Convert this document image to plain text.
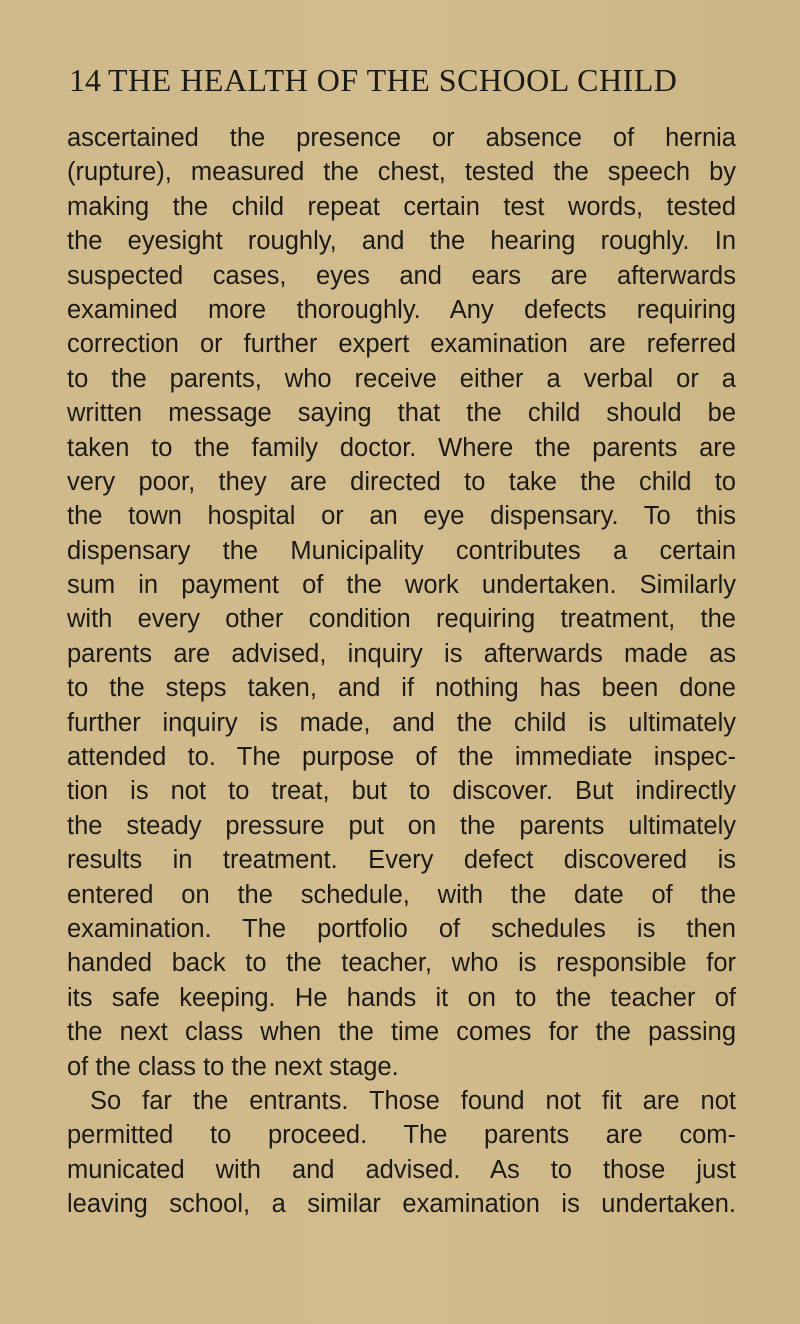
14 THE HEALTH OF THE SCHOOL CHILD
ascertained the presence or absence of hernia
(rupture), measured the chest, tested the speech by
making the child repeat certain test words, tested
the eyesight roughly, and the hearing roughly. In
suspected cases, eyes and ears are afterwards
examined more thoroughly. Any defects requiring
correction or further expert examination are referred
to the parents, who receive either a verbal or a
written message saying that the child should be
taken to the family doctor. Where the parents are
very poor, they are directed to take the child to
the town hospital or an eye dispensary. To this
dispensary the Municipality contributes a certain
sum in payment of the work undertaken. Similarly
with every other condition requiring treatment, the
parents are advised, inquiry is afterwards made as
to the steps taken, and if nothing has been done
further inquiry is made, and the child is ultimately
attended to. The purpose of the immediate inspec-
tion is not to treat, but to discover. But indirectly
the steady pressure put on the parents ultimately
results in treatment. Every defect discovered is
entered on the schedule, with the date of the
examination. The portfolio of schedules is then
handed back to the teacher, who is responsible for
its safe keeping. He hands it on to the teacher of
the next class when the time comes for the passing
of the class to the next stage.
So far the entrants. Those found not fit are not
permitted to proceed. The parents are com-
municated with and advised. As to those just
leaving school, a similar examination is undertaken.
